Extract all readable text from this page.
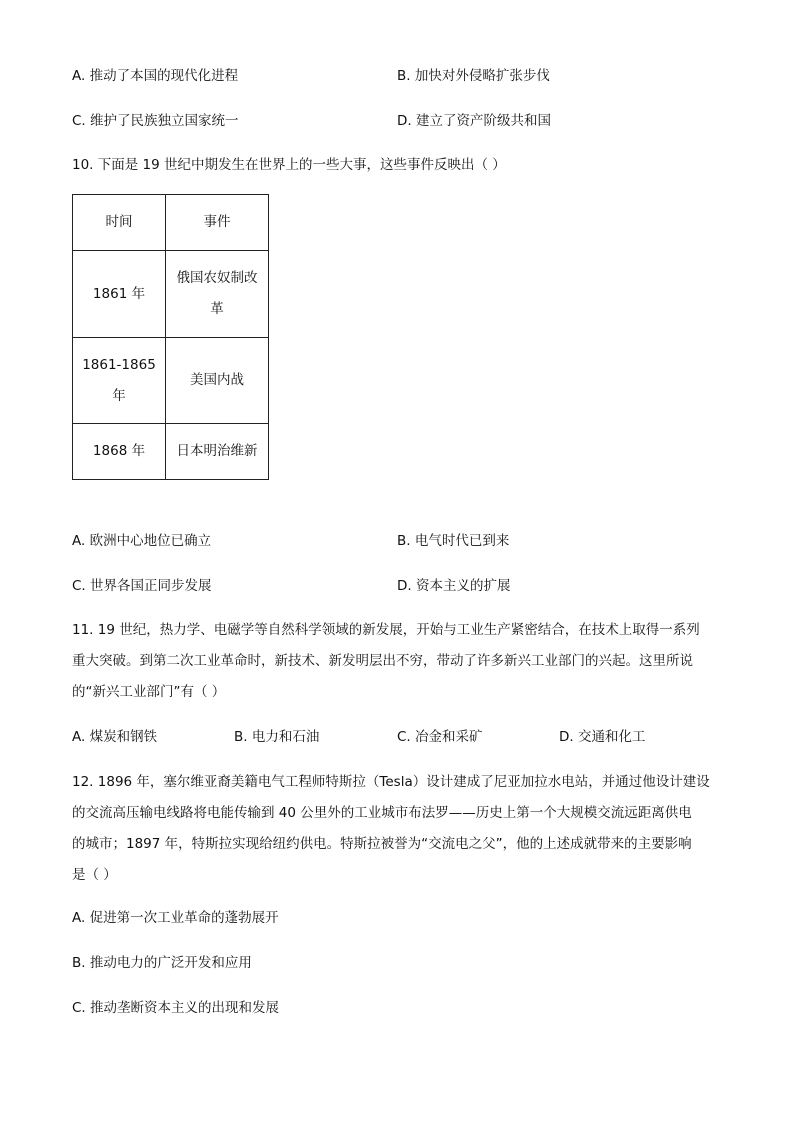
A. 推动了本国的现代化进程	B. 加快对外侵略扩张步伐
C. 维护了民族独立国家统一	D. 建立了资产阶级共和国
10. 下面是 19 世纪中期发生在世界上的一些大事，这些事件反映出（ ）
时间	事件

1861 年	俄国农奴制改
革

1861-1865
年	美国内战

1868 年	日本明治维新
A. 欧洲中心地位已确立	B. 电气时代已到来
C. 世界各国正同步发展	D. 资本主义的扩展
11. 19 世纪，热力学、电磁学等自然科学领域的新发展，开始与工业生产紧密结合，在技术上取得一系列
重大突破。到第二次工业革命时，新技术、新发明层出不穷，带动了许多新兴工业部门的兴起。这里所说
的“新兴工业部门”有（ ）
A. 煤炭和钢铁	B. 电力和石油	C. 冶金和采矿	D. 交通和化工
12. 1896 年，塞尔维亚裔美籍电气工程师特斯拉（Tesla）设计建成了尼亚加拉水电站，并通过他设计建设
的交流高压输电线路将电能传输到 40 公里外的工业城市布法罗——历史上第一个大规模交流远距离供电
的城市；1897 年，特斯拉实现给纽约供电。特斯拉被誉为“交流电之父”，他的上述成就带来的主要影响
是（ ）
A. 促进第一次工业革命的蓬勃展开
B. 推动电力的广泛开发和应用
C. 推动垄断资本主义的出现和发展
